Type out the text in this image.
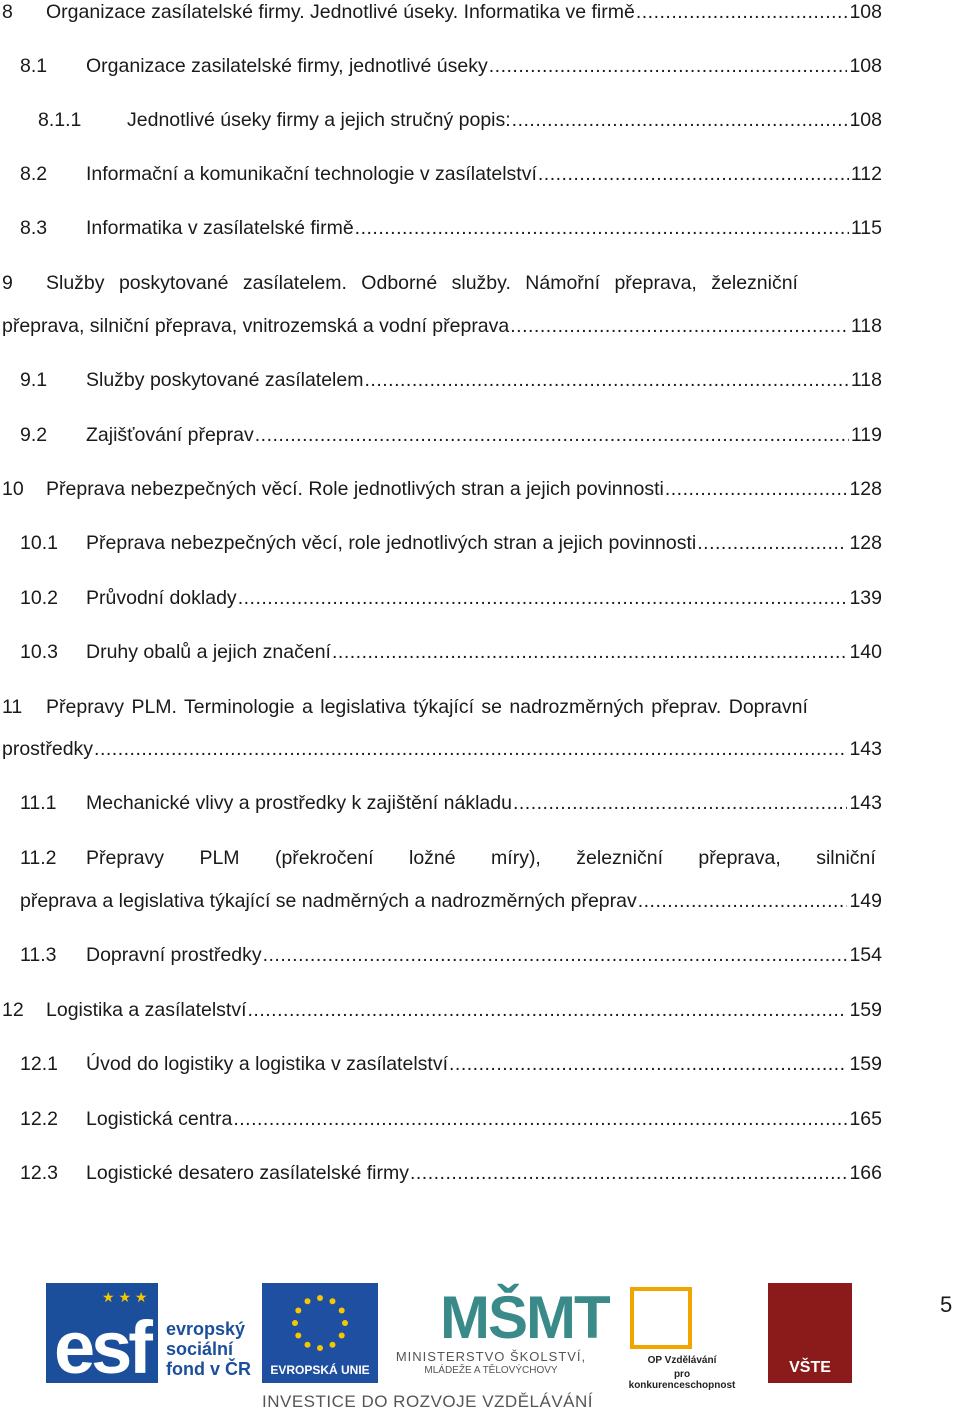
8	Organizace zasílatelské firmy. Jednotlivé úseky. Informatika ve firmě .....	108
8.1	Organizace zasilatelské firmy, jednotlivé úseky .....	108
8.1.1	Jednotlivé úseky firmy a jejich stručný popis: .....	108
8.2	Informační a komunikační technologie v zasílatelství .....	112
8.3	Informatika v zasílatelské firmě .....	115
9	Služby poskytované zasílatelem. Odborné služby. Námořní přeprava, železniční
přeprava, silniční přeprava, vnitrozemská a vodní přeprava .....	118
9.1	Služby poskytované zasílatelem .....	118
9.2	Zajišťování přeprav .....	119
10	Přeprava nebezpečných věcí. Role jednotlivých stran a jejich povinnosti .....	128
10.1	Přeprava nebezpečných věcí, role jednotlivých stran a jejich povinnosti .....	128
10.2	Průvodní doklady .....	139
10.3	Druhy obalů a jejich značení .....	140
11	Přepravy PLM. Terminologie a legislativa týkající se nadrozměrných přeprav. Dopravní
prostředky .....	143
11.1	Mechanické vlivy a prostředky k zajištění nákladu .....	143
11.2	Přepravy PLM (překročení ložné míry), železniční přeprava, silniční
přeprava a legislativa týkající se nadměrných a nadrozměrných přeprav .....	149
11.3	Dopravní prostředky .....	154
12	Logistika a zasílatelství .....	159
12.1	Úvod do logistiky a logistika v zasílatelství .....	159
12.2	Logistická centra .....	165
12.3	Logistické desatero zasílatelské firmy .....	166
★ ★ ★
esf evropský
sociální
fond v ČR	EVROPSKÁ UNIE
MŠMT
MINISTERSTVO ŠKOLSTVÍ,
MLÁDEŽE A TĚLOVÝCHOVY
OP Vzdělávání
pro konkurenceschopnost
VŠTE
INVESTICE DO ROZVOJE VZDĚLÁVÁNÍ
5
